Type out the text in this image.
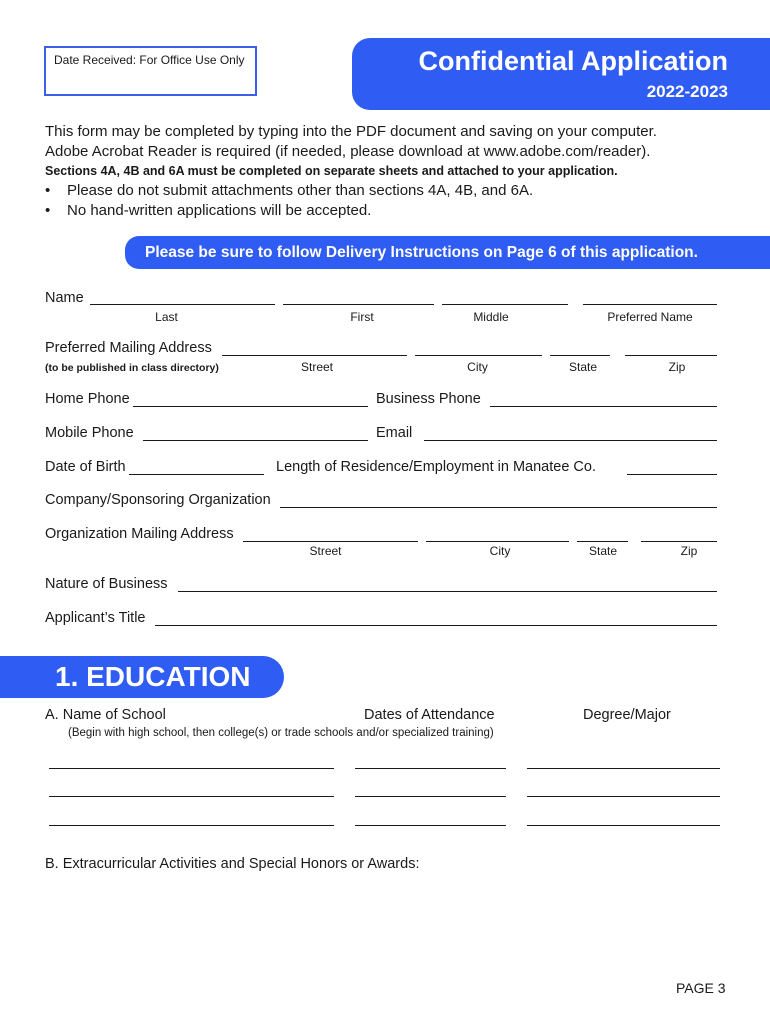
Date Received: For Office Use Only	Confidential Application
2022-2023
This form may be completed by typing into the PDF document and saving on your computer.
Adobe Acrobat Reader is required (if needed, please download at www.adobe.com/reader).
Sections 4A, 4B and 6A must be completed on separate sheets and attached to your application.
• Please do not submit attachments other than sections 4A, 4B, and 6A.
• No hand-written applications will be accepted.
Please be sure to follow Delivery Instructions on Page 6 of this application.
Name
Last	First	Middle	Preferred Name
Preferred Mailing Address
(to be published in class directory)	Street	City	State	Zip
Home Phone	Business Phone
Mobile Phone	Email
Date of Birth	Length of Residence/Employment in Manatee Co.
Company/Sponsoring Organization
Organization Mailing Address
Street	City	State	Zip
Nature of Business
Applicant’s Title
1. EDUCATION
A. Name of School	Dates of Attendance	Degree/Major
(Begin with high school, then college(s) or trade schools and/or specialized training)
B. Extracurricular Activities and Special Honors or Awards:
PAGE 3
